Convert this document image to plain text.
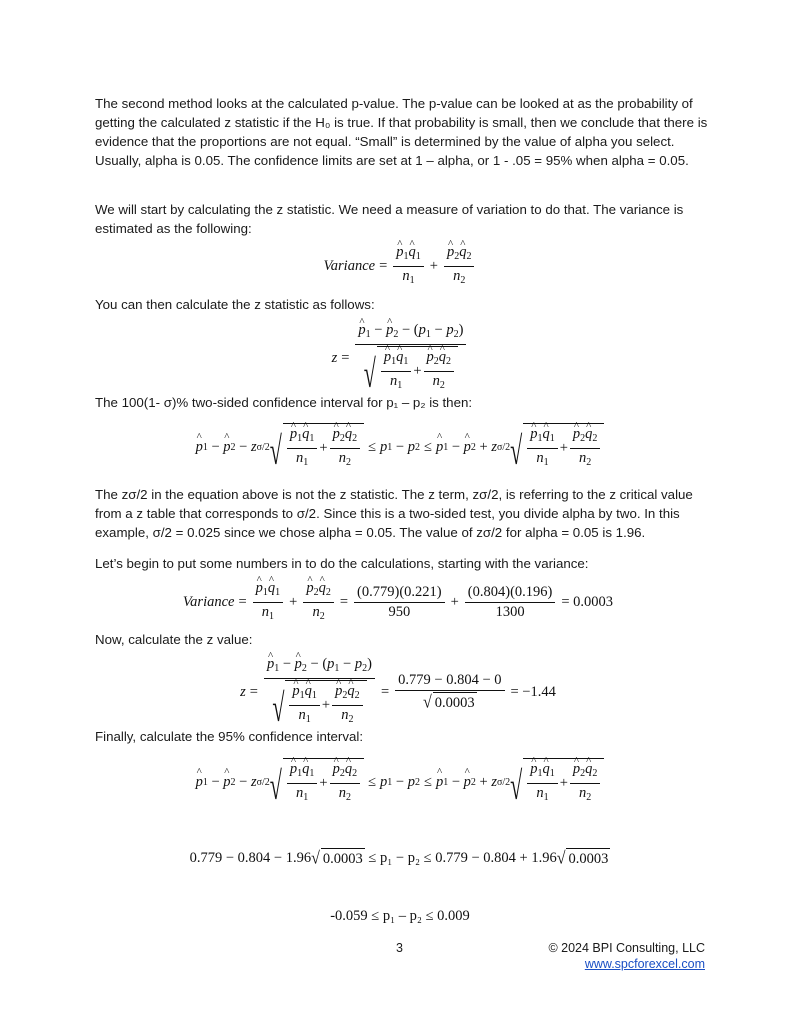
The second method looks at the calculated p-value. The p-value can be looked at as the probability of getting the calculated z statistic if the H₀ is true. If that probability is small, then we conclude that there is evidence that the proportions are not equal. “Small” is determined by the value of alpha you select. Usually, alpha is 0.05. The confidence limits are set at 1 – alpha, or 1 - .05 = 95% when alpha = 0.05.

We will start by calculating the z statistic. We need a measure of variation to do that. The variance is estimated as the following:

Variance =
^ $\frac{p_1\^{} q_1}{n_1}$ +
^ $\frac{p_2\^{} q_2}{n_2}$

You can then calculate the z statistic as follows:

z =
^ $p_1$ − ^ $p_2 - (p_1 - p_2)$
√
^ $\frac{p_1\^{} q_1}{n_1}$ +
^ $\frac{p_2\^{} q_2}{n_2}$

The 100(1- σ)% two-sided confidence interval for p₁ – p₂ is then:

^ p 1 −
^ p 2 − z σ/2 √
^ $\frac{p_1\^{} q_1}{n_1}$ +
^ $\frac{p_2\^{} q_2}{n_2} \le p$ 1 − p 2 ≤
^ p 1 −
^ p 2 + z σ/2 √
^ $\frac{p_1\^{} q_1}{n_1}$ +
^ $\frac{p_2\^{} q_2}{n_2}$

The zσ/2 in the equation above is not the z statistic. The z term, zσ/2, is referring to the z critical value from a z table that corresponds to σ/2. Since this is a two-sided test, you divide alpha by two. In this example, σ/2 = 0.025 since we chose alpha = 0.05. The value of zσ/2 for alpha = 0.05 is 1.96.

Let’s begin to put some numbers in to do the calculations, starting with the variance:

Variance =
^ $\frac{p_1\^{} q_1}{n_1}$ +
^ $\frac{p_2\^{} q_2}{n_2} = \frac{(0.779)(0.221)}{950} + \frac{(0.804)(0.196)}{1300} = 0.0003$

Now, calculate the z value:

z =
^ $p_1$ − ^ $p_2 - (p_1 - p_2)$
√
^ $\frac{p_1\^{} q_1}{n_1}$ +
^ $\frac{p_2\^{} q_2}{n_2} = \frac{0.779 - 0.804 - 0}{√ 0.0003} = -1.44$

Finally, calculate the 95% confidence interval:

^ p 1 −
^ p 2 − z σ/2 √
^ $\frac{p_1\^{} q_1}{n_1}$ +
^ $\frac{p_2\^{} q_2}{n_2} \le p$ 1 − p 2 ≤
^ p 1 −
^ p 2 + z σ/2 √
^ $\frac{p_1\^{} q_1}{n_1}$ +
^ $\frac{p_2\^{} q_2}{n_2}$
0.779 − 0.804 − 1.96 √ 0.0003
≤ p₁ − p₂ ≤ 0.779 − 0.804 + 1.96 √ 0.0003
-0.059 ≤ p₁ – p₂ ≤ 0.009
3	© 2024 BPI Consulting, LLC
www.spcforexcel.com
